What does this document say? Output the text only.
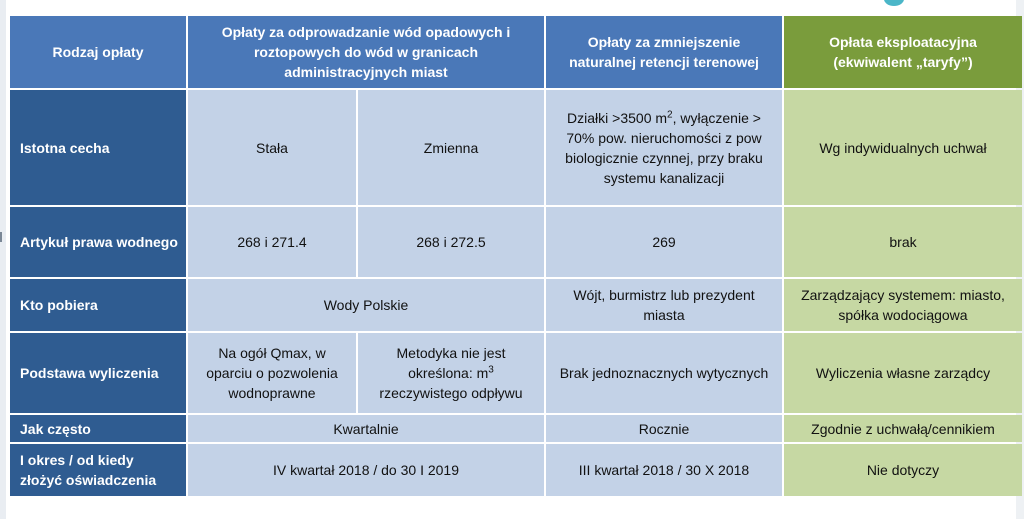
Rodzaj opłaty	Opłaty za odprowadzanie wód opadowych i roztopowych do wód w granicach administracyjnych miast		Opłaty za zmniejszenie naturalnej retencji terenowej	Opłata eksploatacyjna (ekwiwalent „taryfy”)
Istotna cecha	Stała	Zmienna	Działki >3500 $m^2$, wyłączenie > 70% pow. nieruchomości z pow biologicznie czynnej, przy braku systemu kanalizacji	Wg indywidualnych uchwał
Artykuł prawa wodnego	268 i 271.4	268 i 272.5	269	brak
Kto pobiera	Wody Polskie		Wójt, burmistrz lub prezydent miasta	Zarządzający systemem: miasto, spółka wodociągowa
Podstawa wyliczenia	Na ogół Qmax, w oparciu o pozwolenia wodnoprawne	Metodyka nie jest określona: $m^3$ rzeczywistego odpływu	Brak jednoznacznych wytycznych	Wyliczenia własne zarządcy
Jak często	Kwartalnie		Rocznie	Zgodnie z uchwałą/cennikiem
I okres / od kiedy złożyć oświadczenia	IV kwartał 2018 / do 30 I 2019		III kwartał 2018 / 30 X 2018	Nie dotyczy
